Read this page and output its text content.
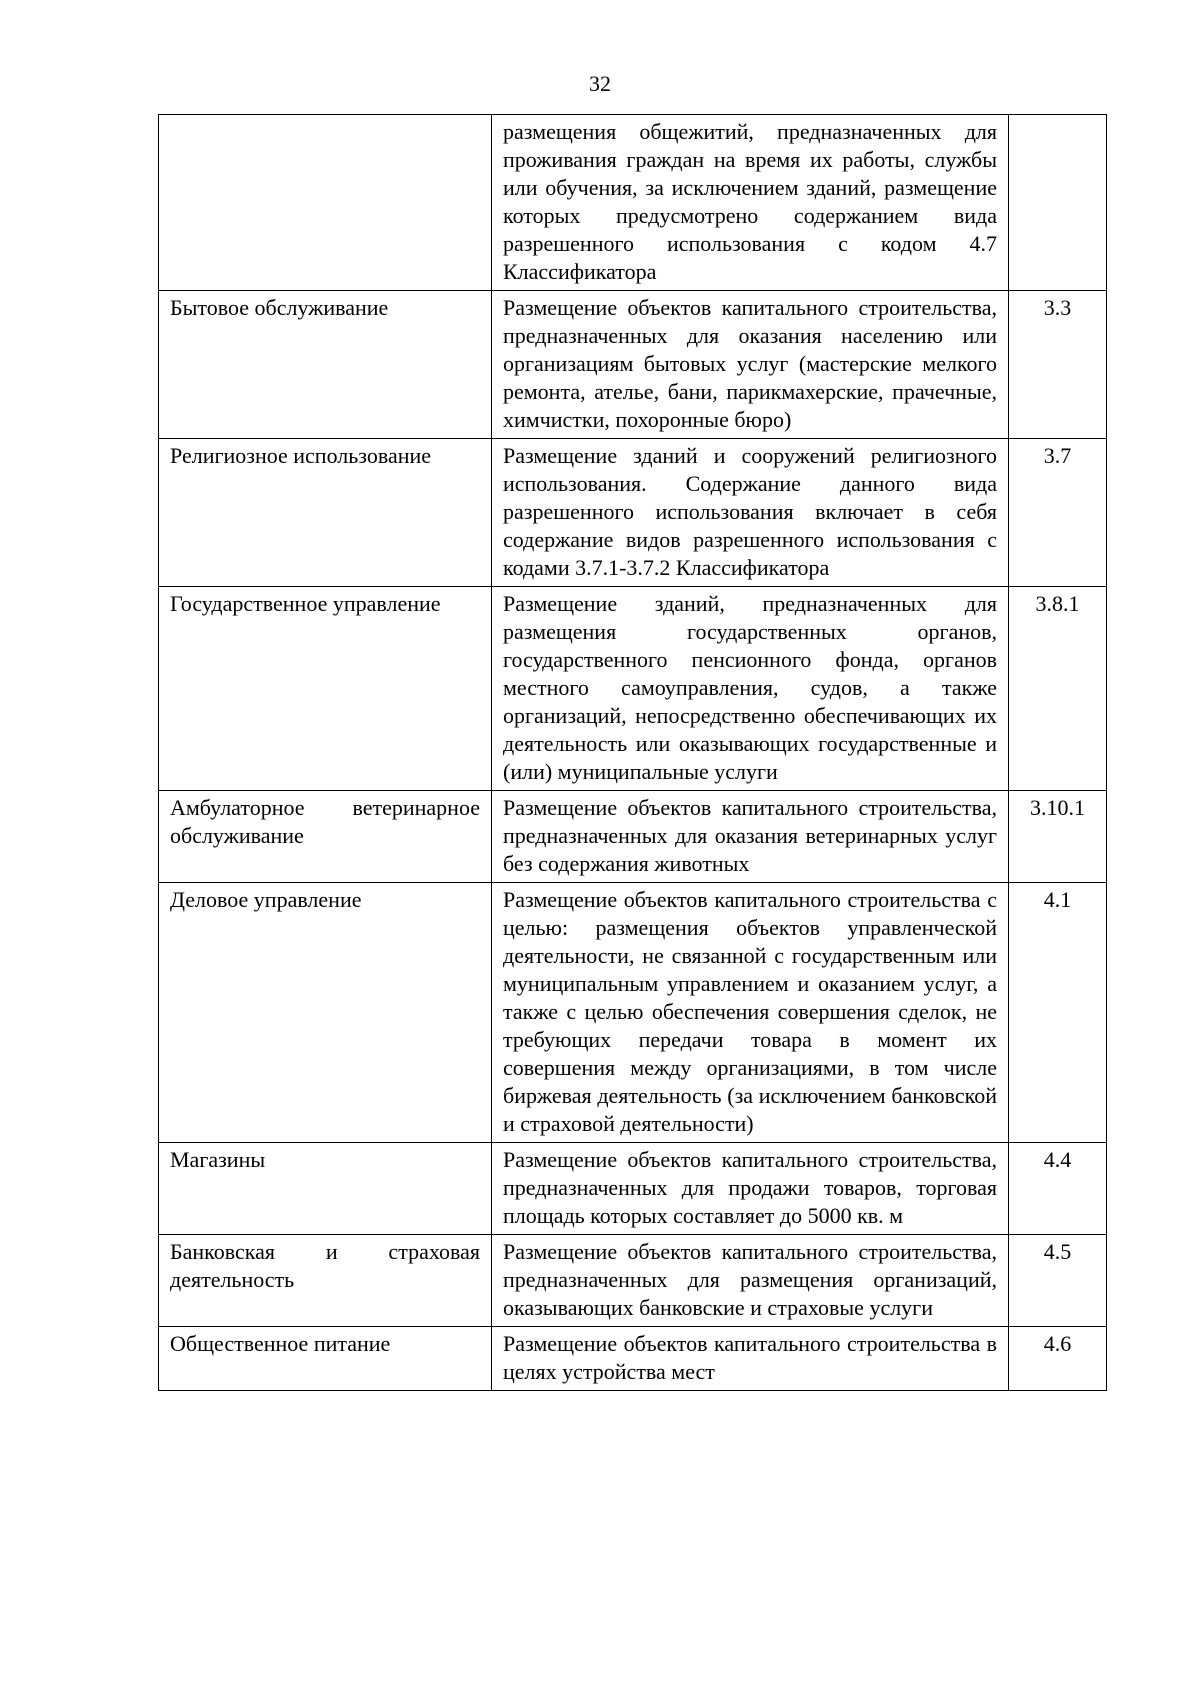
32
	размещения общежитий, предназначенных для проживания граждан на время их работы, службы или обучения, за исключением зданий, размещение которых предусмотрено содержанием вида разрешенного использования с кодом 4.7 Классификатора	
Бытовое обслуживание	Размещение объектов капитального строительства, предназначенных для оказания населению или организациям бытовых услуг (мастерские мелкого ремонта, ателье, бани, парикмахерские, прачечные, химчистки, похоронные бюро)	3.3
Религиозное использование	Размещение зданий и сооружений религиозного использования. Содержание данного вида разрешенного использования включает в себя содержание видов разрешенного использования с кодами 3.7.1-3.7.2 Классификатора	3.7
Государственное управление	Размещение зданий, предназначенных для размещения государственных органов, государственного пенсионного фонда, органов местного самоуправления, судов, а также организаций, непосредственно обеспечивающих их деятельность или оказывающих государственные и (или) муниципальные услуги	3.8.1
Амбулаторное ветеринарное обслуживание	Размещение объектов капитального строительства, предназначенных для оказания ветеринарных услуг без содержания животных	3.10.1
Деловое управление	Размещение объектов капитального строительства с целью: размещения объектов управленческой деятельности, не связанной с государственным или муниципальным управлением и оказанием услуг, а также с целью обеспечения совершения сделок, не требующих передачи товара в момент их совершения между организациями, в том числе биржевая деятельность (за исключением банковской и страховой деятельности)	4.1
Магазины	Размещение объектов капитального строительства, предназначенных для продажи товаров, торговая площадь которых составляет до 5000 кв. м	4.4
Банковская и страховая деятельность	Размещение объектов капитального строительства, предназначенных для размещения организаций, оказывающих банковские и страховые услуги	4.5
Общественное питание	Размещение объектов капитального строительства в целях устройства мест	4.6
